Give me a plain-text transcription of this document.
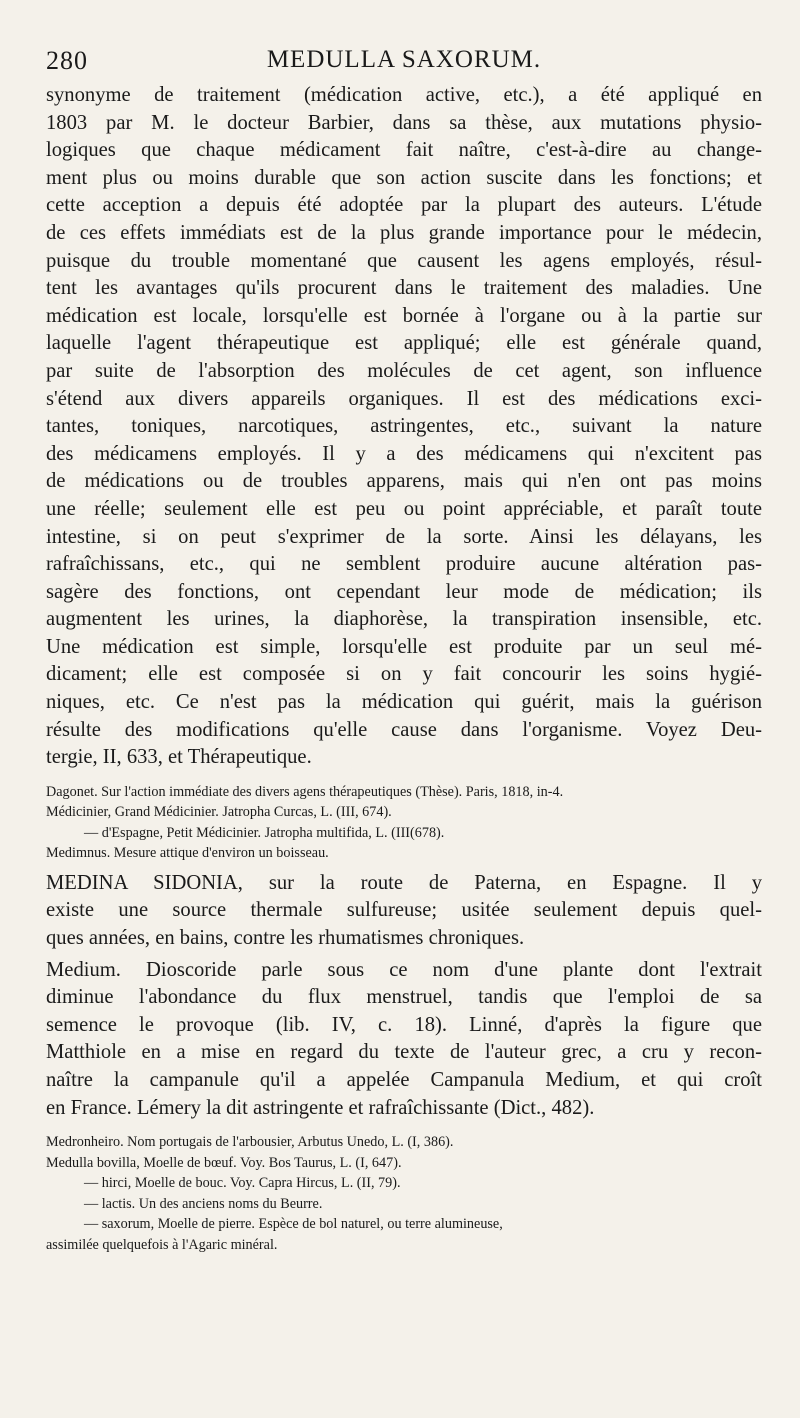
280	MEDULLA SAXORUM.
synonyme de traitement (médication active, etc.), a été appliqué en
1803 par M. le docteur Barbier, dans sa thèse, aux mutations physio-
logiques que chaque médicament fait naître, c'est-à-dire au change-
ment plus ou moins durable que son action suscite dans les fonctions; et
cette acception a depuis été adoptée par la plupart des auteurs. L'étude
de ces effets immédiats est de la plus grande importance pour le médecin,
puisque du trouble momentané que causent les agens employés, résul-
tent les avantages qu'ils procurent dans le traitement des maladies. Une
médication est locale, lorsqu'elle est bornée à l'organe ou à la partie sur
laquelle l'agent thérapeutique est appliqué; elle est générale quand,
par suite de l'absorption des molécules de cet agent, son influence
s'étend aux divers appareils organiques. Il est des médications exci-
tantes, toniques, narcotiques, astringentes, etc., suivant la nature
des médicamens employés. Il y a des médicamens qui n'excitent pas
de médications ou de troubles apparens, mais qui n'en ont pas moins
une réelle; seulement elle est peu ou point appréciable, et paraît toute
intestine, si on peut s'exprimer de la sorte. Ainsi les délayans, les
rafraîchissans, etc., qui ne semblent produire aucune altération pas-
sagère des fonctions, ont cependant leur mode de médication; ils
augmentent les urines, la diaphorèse, la transpiration insensible, etc.
Une médication est simple, lorsqu'elle est produite par un seul mé-
dicament; elle est composée si on y fait concourir les soins hygié-
niques, etc. Ce n'est pas la médication qui guérit, mais la guérison
résulte des modifications qu'elle cause dans l'organisme. Voyez Deu-
tergie, II, 633, et Thérapeutique.
Dagonet. Sur l'action immédiate des divers agens thérapeutiques (Thèse). Paris, 1818, in-4.
Médicinier, Grand Médicinier. Jatropha Curcas, L. (III, 674).
— d'Espagne, Petit Médicinier. Jatropha multifida, L. (III(678).
Medimnus. Mesure attique d'environ un boisseau.
MEDINA SIDONIA, sur la route de Paterna, en Espagne. Il y
existe une source thermale sulfureuse; usitée seulement depuis quel-
ques années, en bains, contre les rhumatismes chroniques.
Medium. Dioscoride parle sous ce nom d'une plante dont l'extrait
diminue l'abondance du flux menstruel, tandis que l'emploi de sa
semence le provoque (lib. IV, c. 18). Linné, d'après la figure que
Matthiole en a mise en regard du texte de l'auteur grec, a cru y recon-
naître la campanule qu'il a appelée Campanula Medium, et qui croît
en France. Lémery la dit astringente et rafraîchissante (Dict., 482).
Medronheiro. Nom portugais de l'arbousier, Arbutus Unedo, L. (I, 386).
Medulla bovilla, Moelle de bœuf. Voy. Bos Taurus, L. (I, 647).
— hirci, Moelle de bouc. Voy. Capra Hircus, L. (II, 79).
— lactis. Un des anciens noms du Beurre.
— saxorum, Moelle de pierre. Espèce de bol naturel, ou terre alumineuse,
assimilée quelquefois à l'Agaric minéral.
